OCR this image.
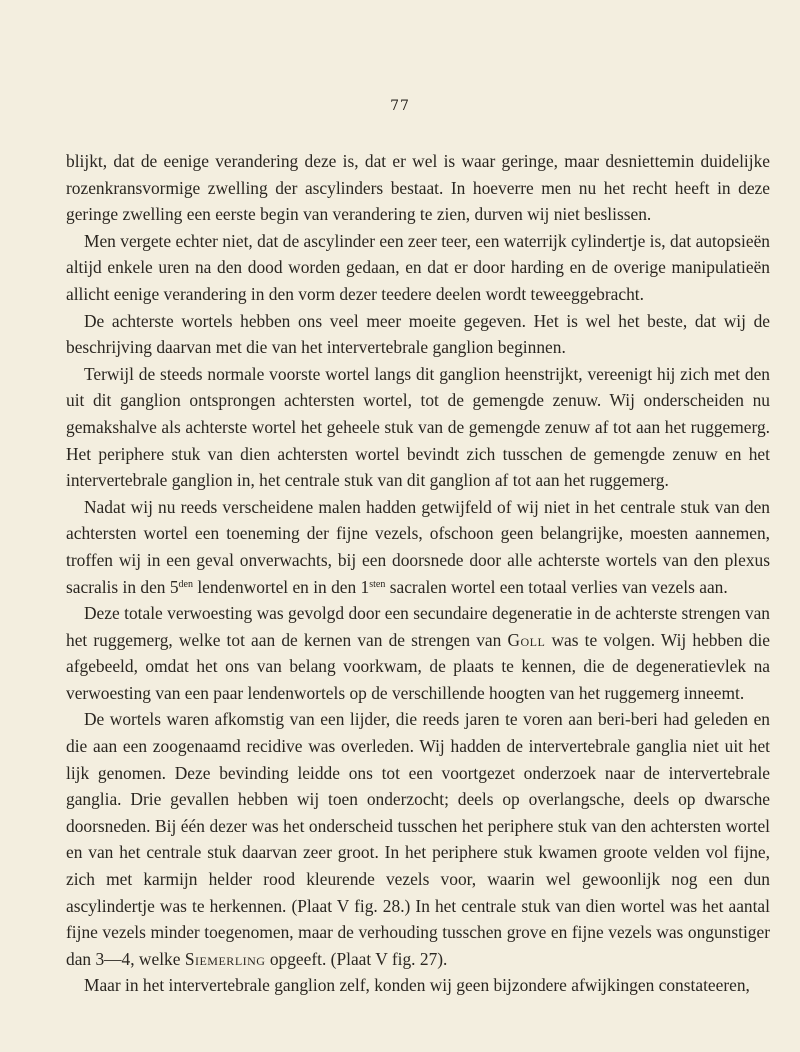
77

blijkt, dat de eenige verandering deze is, dat er wel is waar geringe, maar desniettemin duidelijke rozenkransvormige zwelling der ascylinders bestaat. In hoeverre men nu het recht heeft in deze geringe zwelling een eerste begin van verandering te zien, durven wij niet beslissen.

Men vergete echter niet, dat de ascylinder een zeer teer, een waterrijk cylindertje is, dat autopsieën altijd enkele uren na den dood worden gedaan, en dat er door harding en de overige manipulatieën allicht eenige verandering in den vorm dezer teedere deelen wordt teweeggebracht.

De achterste wortels hebben ons veel meer moeite gegeven. Het is wel het beste, dat wij de beschrijving daarvan met die van het intervertebrale ganglion beginnen.

Terwijl de steeds normale voorste wortel langs dit ganglion heenstrijkt, vereenigt hij zich met den uit dit ganglion ontsprongen achtersten wortel, tot de gemengde zenuw. Wij onderscheiden nu gemakshalve als achterste wortel het geheele stuk van de gemengde zenuw af tot aan het ruggemerg. Het periphere stuk van dien achtersten wortel bevindt zich tusschen de gemengde zenuw en het intervertebrale ganglion in, het centrale stuk van dit ganglion af tot aan het ruggemerg.

Nadat wij nu reeds verscheidene malen hadden getwijfeld of wij niet in het centrale stuk van den achtersten wortel een toeneming der fijne vezels, ofschoon geen belangrijke, moesten aannemen, troffen wij in een geval onverwachts, bij een doorsnede door alle achterste wortels van den plexus sacralis in den $5^{den}$ lendenwortel en in den $1^{sten}$ sacralen wortel een totaal verlies van vezels aan.

Deze totale verwoesting was gevolgd door een secundaire degeneratie in de achterste strengen van het ruggemerg, welke tot aan de kernen van de strengen van Goll was te volgen. Wij hebben die afgebeeld, omdat het ons van belang voorkwam, de plaats te kennen, die de degeneratievlek na verwoesting van een paar lendenwortels op de verschillende hoogten van het ruggemerg inneemt.

De wortels waren afkomstig van een lijder, die reeds jaren te voren aan beri-beri had geleden en die aan een zoogenaamd recidive was overleden. Wij hadden de intervertebrale ganglia niet uit het lijk genomen. Deze bevinding leidde ons tot een voortgezet onderzoek naar de intervertebrale ganglia. Drie gevallen hebben wij toen onderzocht; deels op overlangsche, deels op dwarsche doorsneden. Bij één dezer was het onderscheid tusschen het periphere stuk van den achtersten wortel en van het centrale stuk daarvan zeer groot. In het periphere stuk kwamen groote velden vol fijne, zich met karmijn helder rood kleurende vezels voor, waarin wel gewoonlijk nog een dun ascylindertje was te herkennen. (Plaat V fig. 28.) In het centrale stuk van dien wortel was het aantal fijne vezels minder toegenomen, maar de verhouding tusschen grove en fijne vezels was ongunstiger dan 3—4, welke Siemerling opgeeft. (Plaat V fig. 27).

Maar in het intervertebrale ganglion zelf, konden wij geen bijzondere afwijkingen constateeren,
